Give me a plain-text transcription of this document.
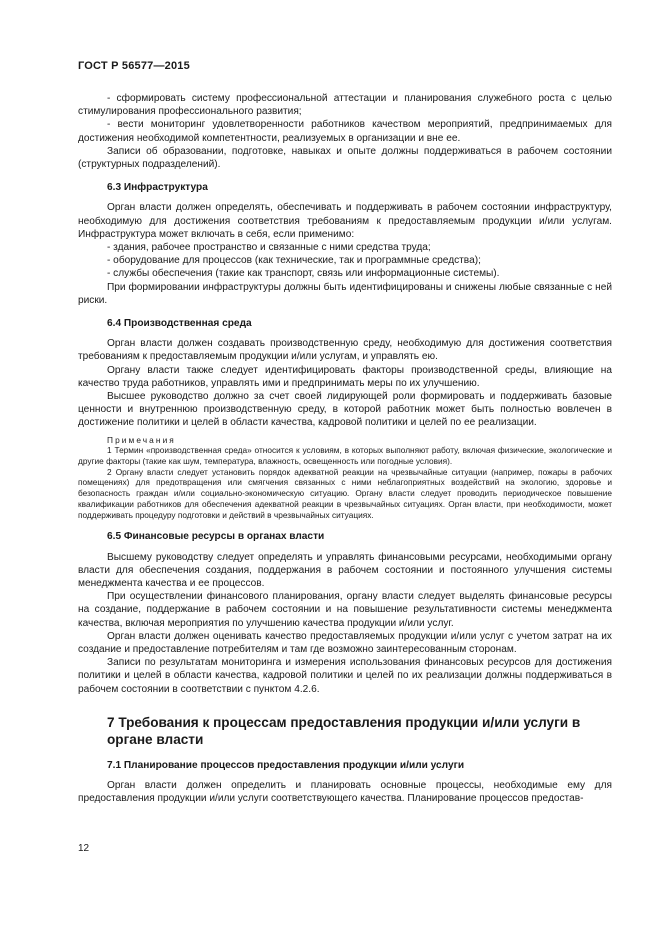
ГОСТ Р 56577—2015

- сформировать систему профессиональной аттестации и планирования служебного роста с целью стимулирования профессионального развития;

- вести мониторинг удовлетворенности работников качеством мероприятий, предпринимаемых для достижения необходимой компетентности, реализуемых в организации и вне ее.

Записи об образовании, подготовке, навыках и опыте должны поддерживаться в рабочем состоянии (структурных подразделений).

6.3 Инфраструктура

Орган власти должен определять, обеспечивать и поддерживать в рабочем состоянии инфраструктуру, необходимую для достижения соответствия требованиям к предоставляемым продукции и/или услугам. Инфраструктура может включать в себя, если применимо:

- здания, рабочее пространство и связанные с ними средства труда;

- оборудование для процессов (как технические, так и программные средства);

- службы обеспечения (такие как транспорт, связь или информационные системы).

При формировании инфраструктуры должны быть идентифицированы и снижены любые связанные с ней риски.

6.4 Производственная среда

Орган власти должен создавать производственную среду, необходимую для достижения соответствия требованиям к предоставляемым продукции и/или услугам, и управлять ею.

Органу власти также следует идентифицировать факторы производственной среды, влияющие на качество труда работников, управлять ими и предпринимать меры по их улучшению.

Высшее руководство должно за счет своей лидирующей роли формировать и поддерживать базовые ценности и внутреннюю производственную среду, в которой работник может быть полностью вовлечен в достижение политики и целей в области качества, кадровой политики и целей по ее реализации.

Примечания

1 Термин «производственная среда» относится к условиям, в которых выполняют работу, включая физические, экологические и другие факторы (такие как шум, температура, влажность, освещенность или погодные условия).

2 Органу власти следует установить порядок адекватной реакции на чрезвычайные ситуации (например, пожары в рабочих помещениях) для предотвращения или смягчения связанных с ними неблагоприятных воздействий на экологию, здоровье и безопасность граждан и/или социально-экономическую ситуацию. Органу власти следует проводить периодическое повышение квалификации работников для обеспечения адекватной реакции в чрезвычайных ситуациях. Орган власти, при необходимости, может поддерживать процедуру подготовки и действий в чрезвычайных ситуациях.

6.5 Финансовые ресурсы в органах власти

Высшему руководству следует определять и управлять финансовыми ресурсами, необходимыми органу власти для обеспечения создания, поддержания в рабочем состоянии и постоянного улучшения системы менеджмента качества и ее процессов.

При осуществлении финансового планирования, органу власти следует выделять финансовые ресурсы на создание, поддержание в рабочем состоянии и на повышение результативности системы менеджмента качества, включая мероприятия по улучшению качества продукции и/или услуг.

Орган власти должен оценивать качество предоставляемых продукции и/или услуг с учетом затрат на их создание и предоставление потребителям и там где возможно заинтересованным сторонам.

Записи по результатам мониторинга и измерения использования финансовых ресурсов для достижения политики и целей в области качества, кадровой политики и целей по их реализации должны поддерживаться в рабочем состоянии в соответствии с пунктом 4.2.6.

7 Требования к процессам предоставления продукции и/или услуги в органе власти
7.1 Планирование процессов предоставления продукции и/или услуги

Орган власти должен определить и планировать основные процессы, необходимые ему для предоставления продукции и/или услуги соответствующего качества. Планирование процессов предостав-

12
